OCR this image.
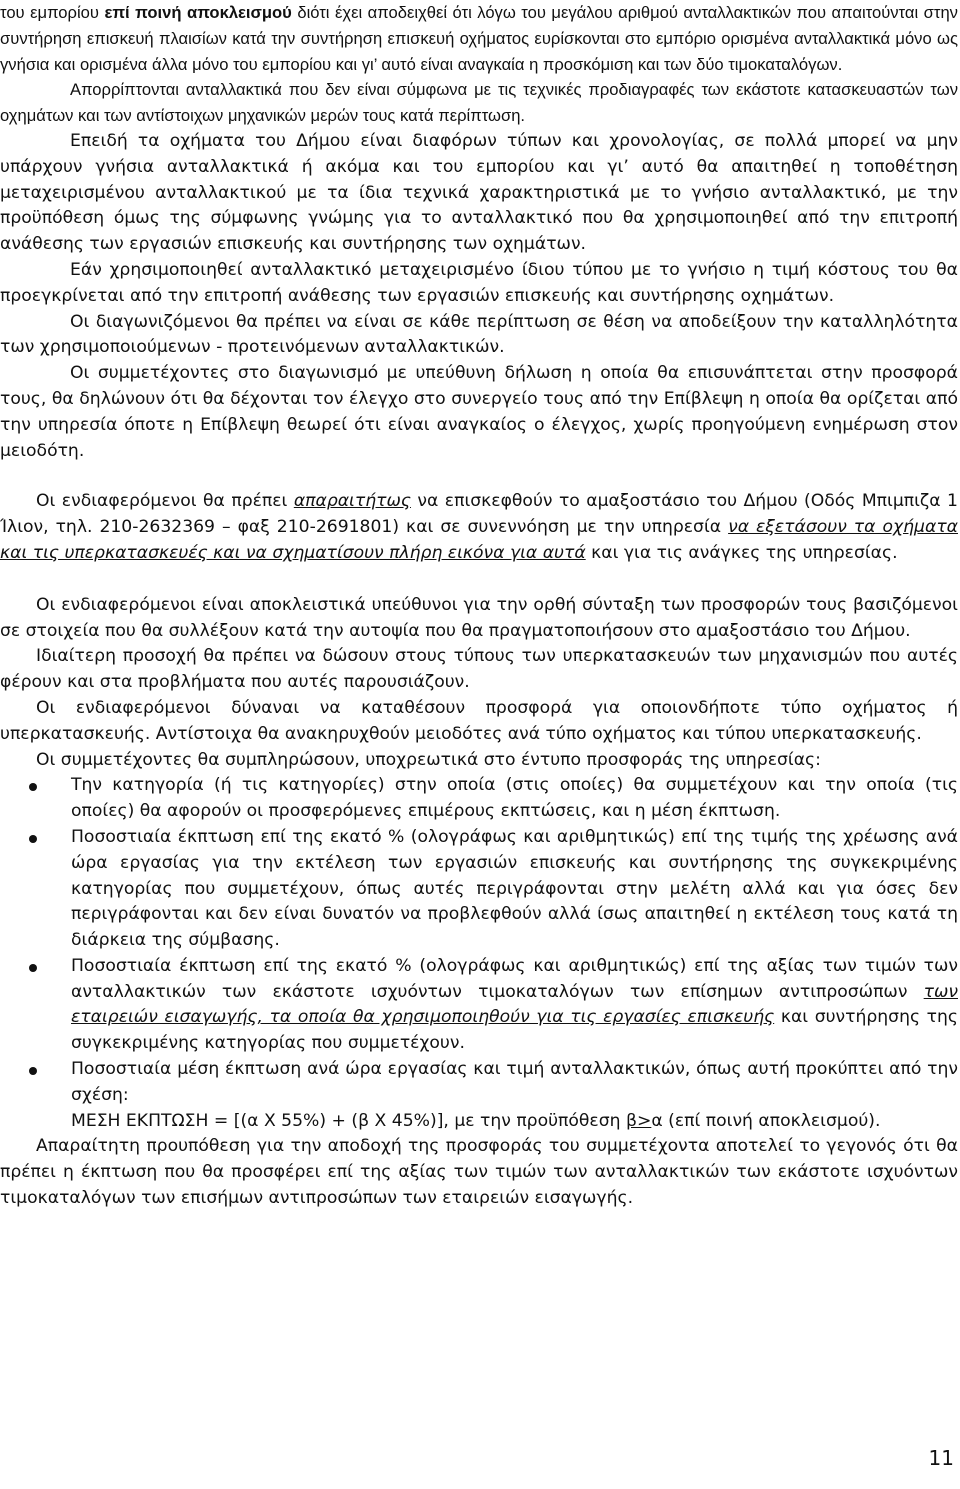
του εμπορίου επί ποινή αποκλεισμού διότι έχει αποδειχθεί ότι λόγω του μεγάλου αριθμού ανταλλακτικών που απαιτούνται στην συντήρηση επισκευή πλαισίων κατά την συντήρηση επισκευή οχήματος ευρίσκονται στο εμπόριο ορισμένα ανταλλακτικά μόνο ως γνήσια και ορισμένα άλλα μόνο του εμπορίου και γι’ αυτό είναι αναγκαία η προσκόμιση και των δύο τιμοκαταλόγων.

Απορρίπτονται ανταλλακτικά που δεν είναι σύμφωνα με τις τεχνικές προδιαγραφές των εκάστοτε κατασκευαστών των οχημάτων και των αντίστοιχων μηχανικών μερών τους κατά περίπτωση.

Επειδή τα οχήματα του Δήμου είναι διαφόρων τύπων και χρονολογίας, σε πολλά μπορεί να μην υπάρχουν γνήσια ανταλλακτικά ή ακόμα και του εμπορίου και γι’ αυτό θα απαιτηθεί η τοποθέτηση μεταχειρισμένου ανταλλακτικού με τα ίδια τεχνικά χαρακτηριστικά με το γνήσιο ανταλλακτικό, με την προϋπόθεση όμως της σύμφωνης γνώμης για το ανταλλακτικό που θα χρησιμοποιηθεί από την επιτροπή ανάθεσης των εργασιών επισκευής και συντήρησης των οχημάτων.

Εάν χρησιμοποιηθεί ανταλλακτικό μεταχειρισμένο ίδιου τύπου με το γνήσιο η τιμή κόστους του θα προεγκρίνεται από την επιτροπή ανάθεσης των εργασιών επισκευής και συντήρησης οχημάτων.

Οι διαγωνιζόμενοι θα πρέπει να είναι σε κάθε περίπτωση σε θέση να αποδείξουν την καταλληλότητα των χρησιμοποιούμενων - προτεινόμενων ανταλλακτικών.

Οι συμμετέχοντες στο διαγωνισμό με υπεύθυνη δήλωση η οποία θα επισυνάπτεται στην προσφορά τους, θα δηλώνουν ότι θα δέχονται τον έλεγχο στο συνεργείο τους από την Επίβλεψη η οποία θα ορίζεται από την υπηρεσία όποτε η Επίβλεψη θεωρεί ότι είναι αναγκαίος ο έλεγχος, χωρίς προηγούμενη ενημέρωση στον μειοδότη.

Οι ενδιαφερόμενοι θα πρέπει απαραιτήτως να επισκεφθούν το αμαξοστάσιο του Δήμου (Οδός Μπιμπιζα 1 Ίλιον, τηλ. 210-2632369 – φαξ 210-2691801) και σε συνεννόηση με την υπηρεσία να εξετάσουν τα οχήματα και τις υπερκατασκευές και να σχηματίσουν πλήρη εικόνα για αυτά και για τις ανάγκες της υπηρεσίας.

Οι ενδιαφερόμενοι είναι αποκλειστικά υπεύθυνοι για την ορθή σύνταξη των προσφορών τους βασιζόμενοι σε στοιχεία που θα συλλέξουν κατά την αυτοψία που θα πραγματοποιήσουν στο αμαξοστάσιο του Δήμου.

Ιδιαίτερη προσοχή θα πρέπει να δώσουν στους τύπους των υπερκατασκευών των μηχανισμών που αυτές φέρουν και στα προβλήματα που αυτές παρουσιάζουν.

Οι ενδιαφερόμενοι δύναναι να καταθέσουν προσφορά για οποιονδήποτε τύπο οχήματος ή υπερκατασκευής. Αντίστοιχα θα ανακηρυχθούν μειοδότες ανά τύπο οχήματος και τύπου υπερκατασκευής.

Οι συμμετέχοντες θα συμπληρώσουν, υποχρεωτικά στο έντυπο προσφοράς της υπηρεσίας:

Την κατηγορία (ή τις κατηγορίες) στην οποία (στις οποίες) θα συμμετέχουν και την οποία (τις οποίες) θα αφορούν οι προσφερόμενες επιμέρους εκπτώσεις, και η μέση έκπτωση.
Ποσοστιαία έκπτωση επί της εκατό % (ολογράφως και αριθμητικώς) επί της τιμής της χρέωσης ανά ώρα εργασίας για την εκτέλεση των εργασιών επισκευής και συντήρησης της συγκεκριμένης κατηγορίας που συμμετέχουν, όπως αυτές περιγράφονται στην μελέτη αλλά και για όσες δεν περιγράφονται και δεν είναι δυνατόν να προβλεφθούν αλλά ίσως απαιτηθεί η εκτέλεση τους κατά τη διάρκεια της σύμβασης.
Ποσοστιαία έκπτωση επί της εκατό % (ολογράφως και αριθμητικώς) επί της αξίας των τιμών των ανταλλακτικών των εκάστοτε ισχυόντων τιμοκαταλόγων των επίσημων αντιπροσώπων των εταιρειών εισαγωγής, τα οποία θα χρησιμοποιηθούν για τις εργασίες επισκευής και συντήρησης της συγκεκριμένης κατηγορίας που συμμετέχουν.
Ποσοστιαία μέση έκπτωση ανά ώρα εργασίας και τιμή ανταλλακτικών, όπως αυτή προκύπτει από την σχέση:
ΜΕΣΗ ΕΚΠΤΩΣΗ = [(α Χ 55%) + (β Χ 45%)], με την προϋπόθεση β>α (επί ποινή αποκλεισμού).

Απαραίτητη προυπόθεση για την αποδοχή της προσφοράς του συμμετέχοντα αποτελεί το γεγονός ότι θα πρέπει η έκπτωση που θα προσφέρει επί της αξίας των τιμών των ανταλλακτικών των εκάστοτε ισχυόντων τιμοκαταλόγων των επισήμων αντιπροσώπων των εταιρειών εισαγωγής.

11
